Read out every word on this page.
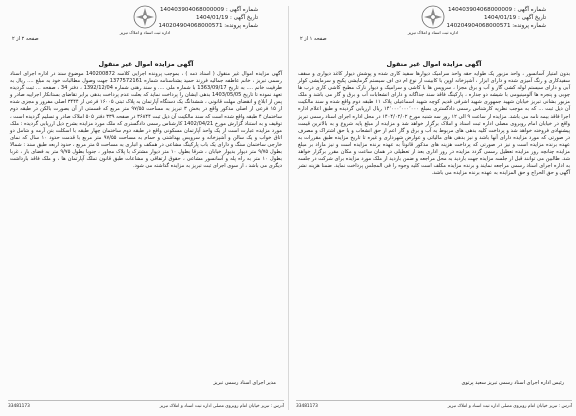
شماره آگهی : 140403904068000009
تاریخ آگهی : 1404/01/19
شماره پرونده: 140204904068000571
اداره ثبت اسناد و املاک تبریز
صفحه ۱ از ۲
آگهی مزایده اموال غیر منقول
بدون امتیاز آسانسور ، واحد مزبور یک طوایه حقه واحد سرامیک دیوارها سفید کاری شده و پوشش دیوار کاغذ دیواری و سقف سفیدکاری و رنگ آمیزی شده و دارای ابزار ، آشپزخانه اوپن با کابینت از نوع ام دی اف سیستم گرمایشی پکیج و سرمایشی کولر آبی و دارای سیستم لوله کشی گاز و آب و برق مجزا ، سرویس ها با کاشی و سرامیک و دیوار نازک مطبخ کاشی کاری درب ها چوبی و پنجره ها آلومینیومی با شیشه دو جداره ، پارکینگ فاقد سند جداگانه و دارای انشعابات آب و برق و گاز می باشد و ملک مزبور بشانی تبریز خیابان شهید جمهوری شهید اشرفی قدیم کوچه شهید اسماعیلی پلاک ۱۱ طبقه دوم واقع شده و سند مالکیت آن ذیل ثبت ... که به موجب نظریه کارشناس رسمی دادگستری بمبلغ ۱۴٬۰۰۰٬۰۰۰٬۰۰۰ ریال ارزیابی گردیده و طبق اعلام اداره اجرا فاقد بیمه نامه می باشد. مزایده از ساعت ۹ الی ۱۲ روز سه شنبه مورخ ۱۴۰۴/۰۲/۰۲ در محل اداره اجرای اسناد رسمی تبریز واقع در خیابان امام روبروی مصلی اداره ثبت اسناد و املاک برگزار خواهد شد و مزایده از مبلغ پایه شروع و به بالاترین قیمت پیشنهادی فروخته خواهد شد و پرداخت کلیه بدهی های مربوط به آب و برق و گاز اعم از حق انشعاب و یا حق اشتراک و مصرف در صورتی که مورد مزایده دارای آنها باشد و نیز بدهی های مالیاتی و عوارض شهرداری و غیره تا تاریخ مزایده طبق مقررات به عهده برنده مزایده است و نیز در صورتی که پرداخت هزینه های مذکور قانوناً به عهده برنده مزایده است و نیز مازاد بر مبلغ مزایده چنانچه روز مزایده تعطیل رسمی گردد مزایده در روز اداری بعد از تعطیلی در همان ساعت و مکان مقرر برگزار خواهد شد. طالبین می توانند قبل از جلسه مزایده جهت بازدید به محل مراجعه و ضمن بازدید از ملک مورد مزایده برای شرکت در جلسه به اداره اجرای اسناد رسمی مراجعه نمایند و برنده مزایده مکلف است کلیه وجوه را فی المجلس پرداخت نماید. ضمنا هزینه نشر آگهی و حق الحراج و حق المزایده به عهده برنده مزایده می باشد.
رئیس اداره اجرای اسناد رسمی تبریز سعید پرتوی
آدرس : تبریز خیابان امام روبروی مصلی اداره ثبت اسناد و املاک تبریز
33481173
شماره آگهی : 140403904068000009
تاریخ آگهی : 1404/01/19
شماره پرونده: 140204904068000571
اداره ثبت اسناد و املاک تبریز
صفحه ۲ از ۲
آگهی مزایده اموال غیر منقول
آگهی مزایده اموال غیر منقول ( اسناد ذمه ) ، بموجب پرونده اجرایی کلاسه 140200872 موضوع سند در اداره اجرای اسناد رسمی تبریز ، خانم عاطفه جمالیه فرزند حمید بشناسنامه شماره 1377572161 جهت وصول مطالبات خود به مبلغ .... ریال به طرفیت خانم .... به تاریخ 1363/09/17 با شماره ملی .... و سند رهنی شماره 1392/12/04 ، دفتر 34 ، صفحه ... ثبت گردیده تعهد نموده تا تاریخ 1403/05/05 بدهی ایشان را پرداخت نماید که بعلت عدم پرداخت بدهی برابر تقاضای بستانکار اجراییه صادر و پس از ابلاغ و انقضای مهلت قانونی ، ششدانگ یک دستگاه آپارتمان به پلاک ثبتی ۱۶۰۰۵ فرعی از ۳۴۴۴ اصلی مفروز و مجزی شده از ۱۵ فرعی از اصلی مذکور واقع در بخش ۳ تبریز به مساحت ۹۷/۵۵ متر مربع که قسمتی از آن بصورت بالکن در طبقه دوم ساختمان ۴ طبقه واقع شده است که سند مالکیت آن ذیل ثبت ۳۶۸۴۴ در صفحه ۳۳۹ دفتر ۵۰۵ املاک صادر و تسلیم گردیده است ، توقیف و به استناد گزارش مورخ 1402/04/21 کارشناس رسمی دادگستری که ملک مورد مزایده بشرح ذیل ارزیابی گردیده : ملک مورد مزایده عبارت است از یک واحد آپارتمان مسکونی واقع در طبقه دوم ساختمان چهار طبقه با اسکلت بتن آرمه و شامل دو اتاق خواب و یک سالن و آشپزخانه و سرویس بهداشتی و حمام به مساحت ۹۷/۵۵ متر مربع با قدمت حدود ۱۰ سال که نمای خارجی ساختمان سنگ و دارای یک باب پارکینگ مشاعی در همکف و انباری به مساحت ۵ متر مربع ، حدود اربعه طبق سند : شمالا بطول ۹/۷۵ متر دیوار بدیوار خیابان ، شرقا بطول ۱۰ متر دیوار مشترک با پلاک مجاور ، جنوبا بطول ۹/۷۵ متر به فضای باز ، غربا بطول ۱۰ متر به راه پله و آسانسور مشاعی ، حقوق ارتفاقی و مشاعات طبق قانون تملک آپارتمان ها ، و ملک فاقد بازداشت دیگری می باشد ، از سوی اجرای ثبت تبریز به مزایده گذاشته می شود.
مدیر اجرای اسناد رسمی تبریز
آدرس : تبریز خیابان امام روبروی مصلی اداره ثبت اسناد و املاک تبریز
33481173
